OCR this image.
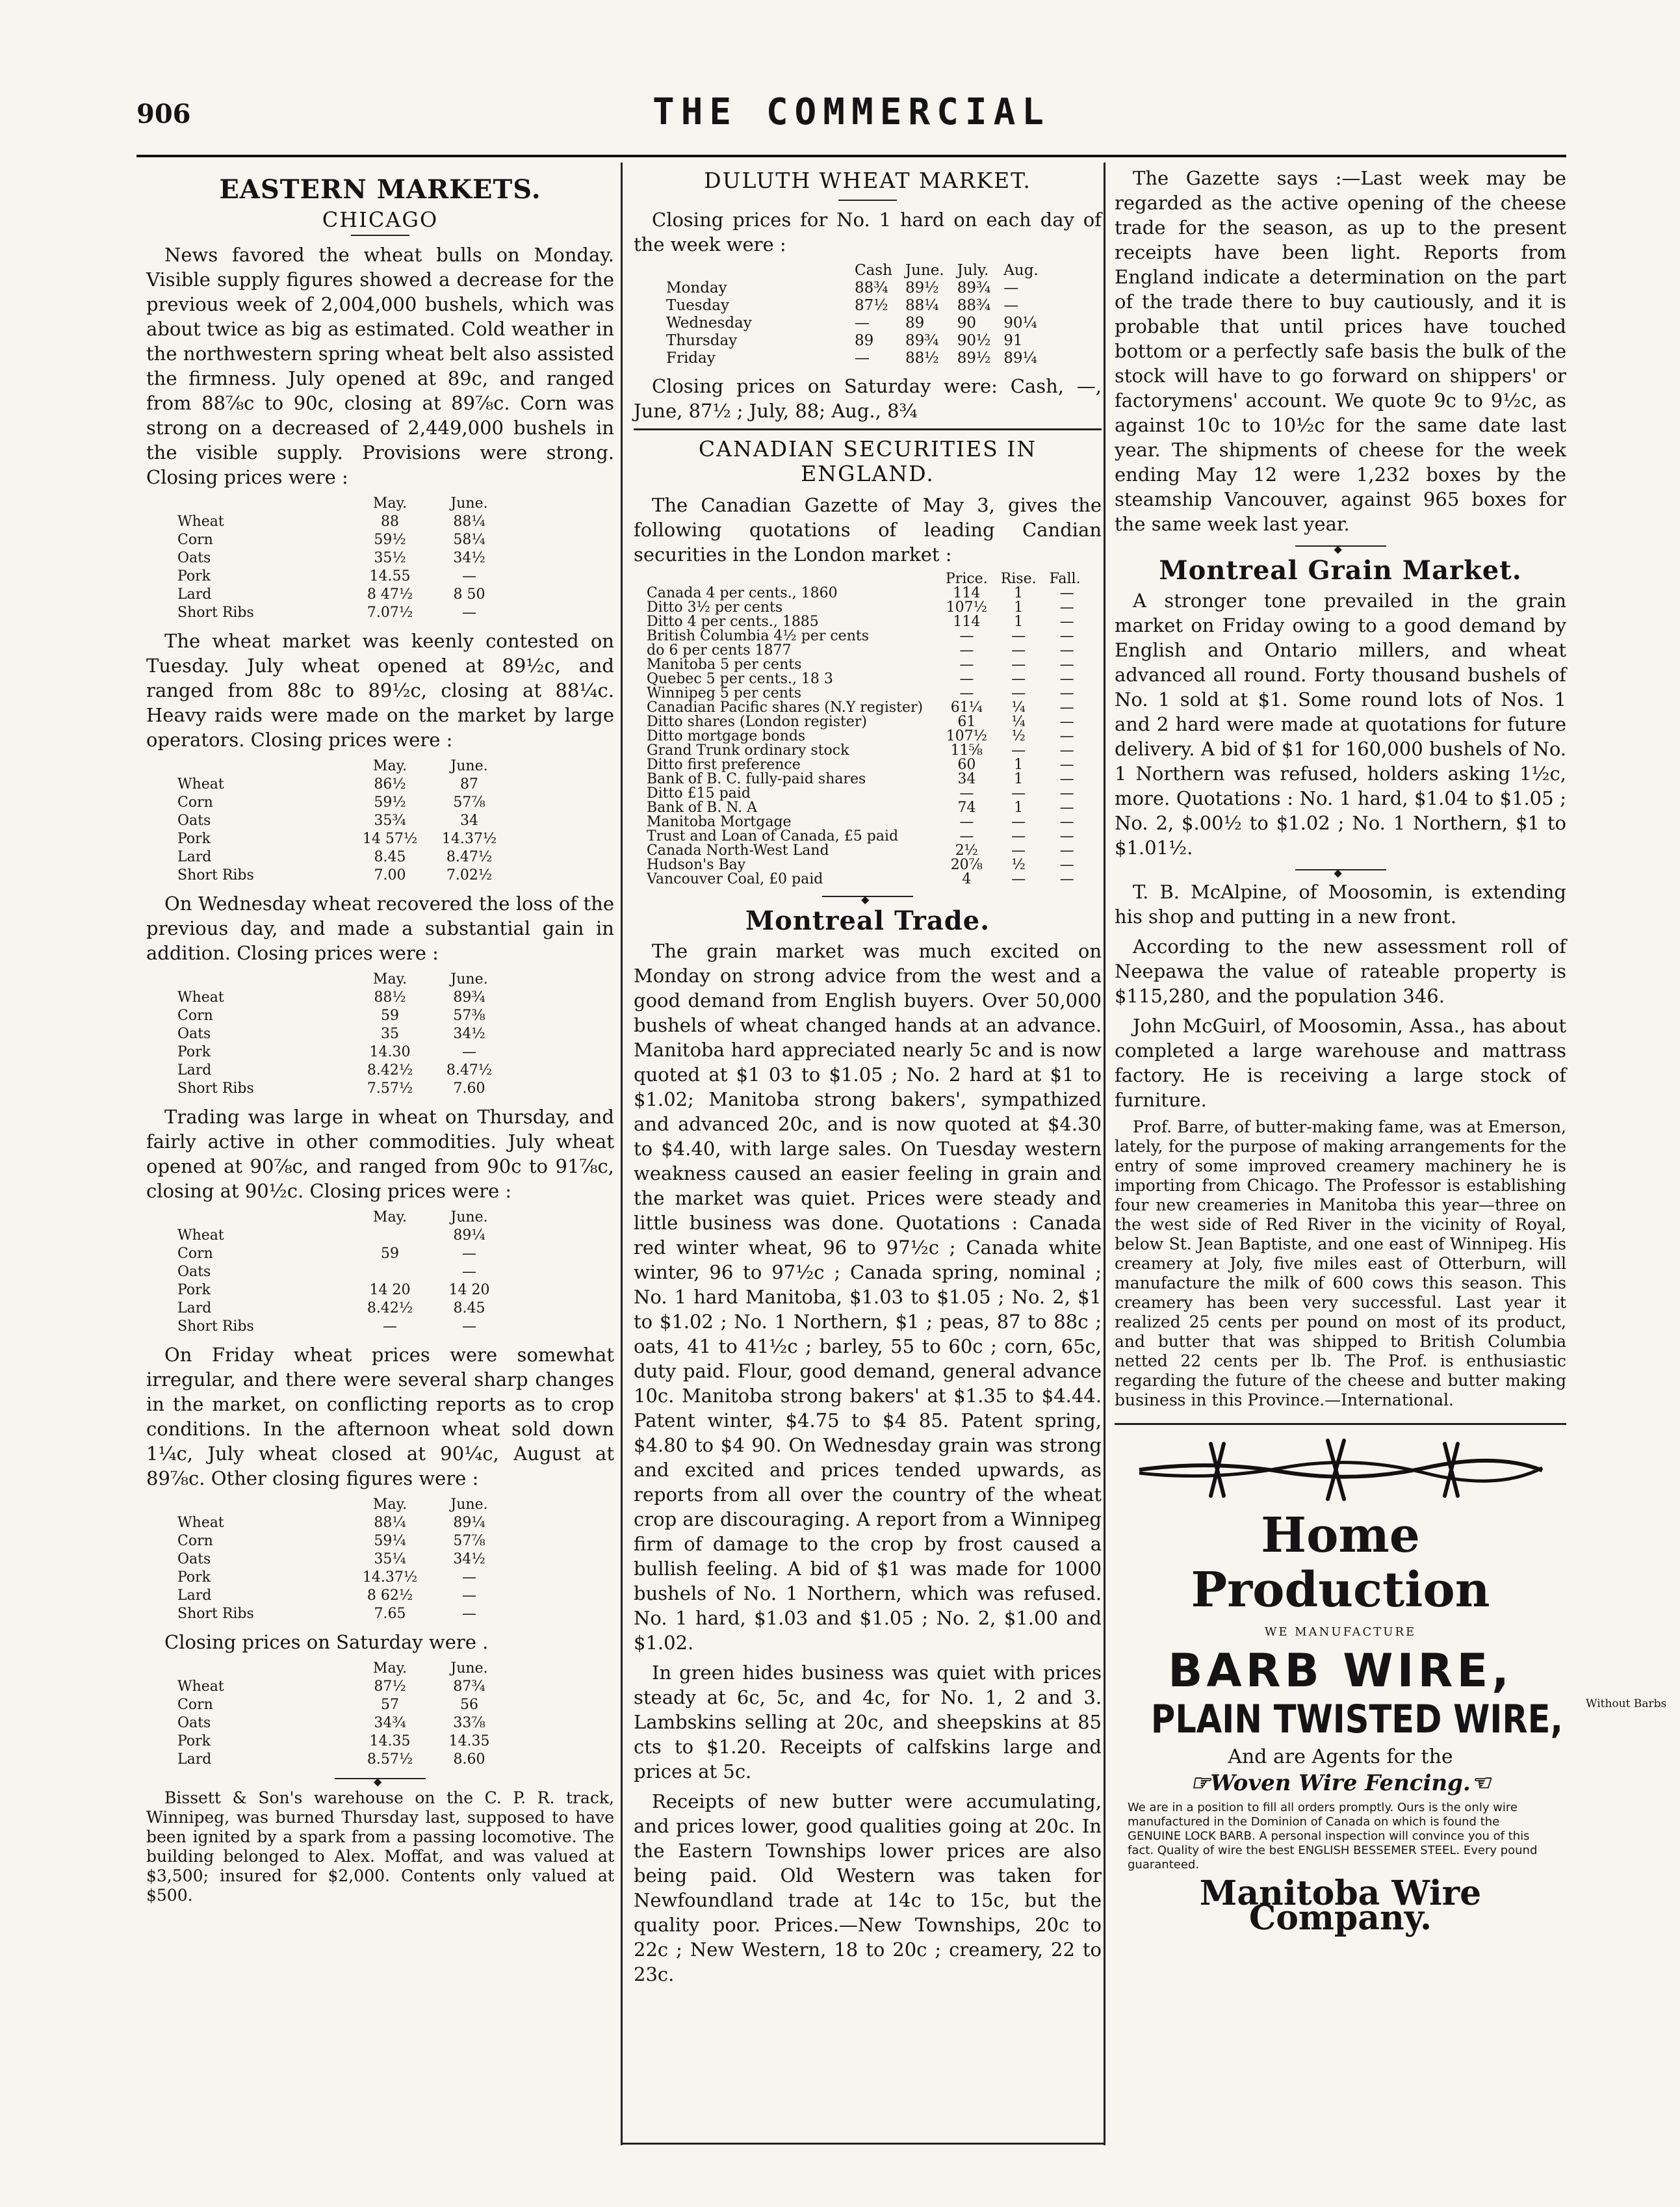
906	THE COMMERCIAL
EASTERN MARKETS.
CHICAGO

News favored the wheat bulls on Monday. Visible supply figures showed a decrease for the previous week of 2,004,000 bushels, which was about twice as big as estimated. Cold weather in the northwestern spring wheat belt also assisted the firmness. July opened at 89c, and ranged from 88⅞c to 90c, closing at 89⅞c. Corn was strong on a decreased of 2,449,000 bushels in the visible supply. Provisions were strong. Closing prices were :

	May.	June.
Wheat	88	88¼
Corn	59½	58¼
Oats	35½	34½
Pork	14.55	—
Lard	8 47½	8 50
Short Ribs	7.07½	—

The wheat market was keenly contested on Tuesday. July wheat opened at 89½c, and ranged from 88c to 89½c, closing at 88¼c. Heavy raids were made on the market by large operators. Closing prices were :

	May.	June.
Wheat	86½	87
Corn	59½	57⅞
Oats	35¾	34
Pork	14 57½	14.37½
Lard	8.45	8.47½
Short Ribs	7.00	7.02½

On Wednesday wheat recovered the loss of the previous day, and made a substantial gain in addition. Closing prices were :

	May.	June.
Wheat	88½	89¾
Corn	59	57⅜
Oats	35	34½
Pork	14.30	—
Lard	8.42½	8.47½
Short Ribs	7.57½	7.60

Trading was large in wheat on Thursday, and fairly active in other commodities. July wheat opened at 90⅞c, and ranged from 90c to 91⅞c, closing at 90½c. Closing prices were :

	May.	June.
Wheat		89¼
Corn	59	—
Oats		—
Pork	14 20	14 20
Lard	8.42½	8.45
Short Ribs	—	—

On Friday wheat prices were somewhat irregular, and there were several sharp changes in the market, on conflicting reports as to crop conditions. In the afternoon wheat sold down 1¼c, July wheat closed at 90¼c, August at 89⅞c. Other closing figures were :

	May.	June.
Wheat	88¼	89¼
Corn	59¼	57⅞
Oats	35¼	34½
Pork	14.37½	—
Lard	8 62½	—
Short Ribs	7.65	—

Closing prices on Saturday were .

	May.	June.
Wheat	87½	87¾
Corn	57	56
Oats	34¾	33⅞
Pork	14.35	14.35
Lard	8.57½	8.60
◆

Bissett & Son's warehouse on the C. P. R. track, Winnipeg, was burned Thursday last, supposed to have been ignited by a spark from a passing locomotive. The building belonged to Alex. Moffat, and was valued at $3,500; insured for $2,000. Contents only valued at $500.

DULUTH WHEAT MARKET.

Closing prices for No. 1 hard on each day of the week were :

	Cash	June.	July.	Aug.
Monday	88¾	89½	89¾	—
Tuesday	87½	88¼	88¾	—
Wednesday	—	89	90	90¼
Thursday	89	89¾	90½	91
Friday	—	88½	89½	89¼

Closing prices on Saturday were: Cash, —, June, 87½ ; July, 88; Aug., 8¾

CANADIAN SECURITIES IN ENGLAND.

The Canadian Gazette of May 3, gives the following quotations of leading Candian securities in the London market :

	Price.	Rise.	Fall.
Canada 4 per cents., 1860	114	1	—
Ditto 3½ per cents	107½	1	—
Ditto 4 per cents., 1885	114	1	—
British Columbia 4½ per cents	—	—	—
do 6 per cents 1877	—	—	—
Manitoba 5 per cents	—	—	—
Quebec 5 per cents., 18 3	—	—	—
Winnipeg 5 per cents	—	—	—
Canadian Pacific shares (N.Y register)	61¼	¼	—
Ditto shares (London register)	61	¼	—
Ditto mortgage bonds	107½	½	—
Grand Trunk ordinary stock	11⅝	—	—
Ditto first preference	60	1	—
Bank of B. C. fully-paid shares	34	1	—
Ditto £15 paid	—	—	—
Bank of B. N. A	74	1	—
Manitoba Mortgage	—	—	—
Trust and Loan of Canada, £5 paid	—	—	—
Canada North-West Land	2½	—	—
Hudson's Bay	20⅞	½	—
Vancouver Coal, £0 paid	4	—	—
◆
Montreal Trade.

The grain market was much excited on Monday on strong advice from the west and a good demand from English buyers. Over 50,000 bushels of wheat changed hands at an advance. Manitoba hard appreciated nearly 5c and is now quoted at $1 03 to $1.05 ; No. 2 hard at $1 to $1.02; Manitoba strong bakers', sympathized and advanced 20c, and is now quoted at $4.30 to $4.40, with large sales. On Tuesday western weakness caused an easier feeling in grain and the market was quiet. Prices were steady and little business was done. Quotations : Canada red winter wheat, 96 to 97½c ; Canada white winter, 96 to 97½c ; Canada spring, nominal ; No. 1 hard Manitoba, $1.03 to $1.05 ; No. 2, $1 to $1.02 ; No. 1 Northern, $1 ; peas, 87 to 88c ; oats, 41 to 41½c ; barley, 55 to 60c ; corn, 65c, duty paid. Flour, good demand, general advance 10c. Manitoba strong bakers' at $1.35 to $4.44. Patent winter, $4.75 to $4 85. Patent spring, $4.80 to $4 90. On Wednesday grain was strong and excited and prices tended upwards, as reports from all over the country of the wheat crop are discouraging. A report from a Winnipeg firm of damage to the crop by frost caused a bullish feeling. A bid of $1 was made for 1000 bushels of No. 1 Northern, which was refused. No. 1 hard, $1.03 and $1.05 ; No. 2, $1.00 and $1.02.

In green hides business was quiet with prices steady at 6c, 5c, and 4c, for No. 1, 2 and 3. Lambskins selling at 20c, and sheepskins at 85 cts to $1.20. Receipts of calfskins large and prices at 5c.

Receipts of new butter were accumulating, and prices lower, good qualities going at 20c. In the Eastern Townships lower prices are also being paid. Old Western was taken for Newfoundland trade at 14c to 15c, but the quality poor. Prices.—New Townships, 20c to 22c ; New Western, 18 to 20c ; creamery, 22 to 23c.

The Gazette says :—Last week may be regarded as the active opening of the cheese trade for the season, as up to the present receipts have been light. Reports from England indicate a determination on the part of the trade there to buy cautiously, and it is probable that until prices have touched bottom or a perfectly safe basis the bulk of the stock will have to go forward on shippers' or factorymens' account. We quote 9c to 9½c, as against 10c to 10½c for the same date last year. The shipments of cheese for the week ending May 12 were 1,232 boxes by the steamship Vancouver, against 965 boxes for the same week last year.

◆
Montreal Grain Market.

A stronger tone prevailed in the grain market on Friday owing to a good demand by English and Ontario millers, and wheat advanced all round. Forty thousand bushels of No. 1 sold at $1. Some round lots of Nos. 1 and 2 hard were made at quotations for future delivery. A bid of $1 for 160,000 bushels of No. 1 Northern was refused, holders asking 1½c, more. Quotations : No. 1 hard, $1.04 to $1.05 ; No. 2, $.00½ to $1.02 ; No. 1 Northern, $1 to $1.01½.

◆

T. B. McAlpine, of Moosomin, is extending his shop and putting in a new front.

According to the new assessment roll of Neepawa the value of rateable property is $115,280, and the population 346.

John McGuirl, of Moosomin, Assa., has about completed a large warehouse and mattrass factory. He is receiving a large stock of furniture.

Prof. Barre, of butter-making fame, was at Emerson, lately, for the purpose of making arrangements for the entry of some improved creamery machinery he is importing from Chicago. The Professor is establishing four new creameries in Manitoba this year—three on the west side of Red River in the vicinity of Royal, below St. Jean Baptiste, and one east of Winnipeg. His creamery at Joly, five miles east of Otterburn, will manufacture the milk of 600 cows this season. This creamery has been very successful. Last year it realized 25 cents per pound on most of its product, and butter that was shipped to British Columbia netted 22 cents per lb. The Prof. is enthusiastic regarding the future of the cheese and butter making business in this Province.—International.

Home Production
WE MANUFACTURE
BARB WIRE,
PLAIN TWISTED WIRE, Without Barbs
And are Agents for the
☞Woven Wire Fencing.☜
We are in a position to fill all orders promptly. Ours is the only wire manufactured in the Dominion of Canada on which is found the GENUINE LOCK BARB. A personal inspection will convince you of this fact. Quality of wire the best ENGLISH BESSEMER STEEL. Every pound guaranteed.
Manitoba Wire Company.
